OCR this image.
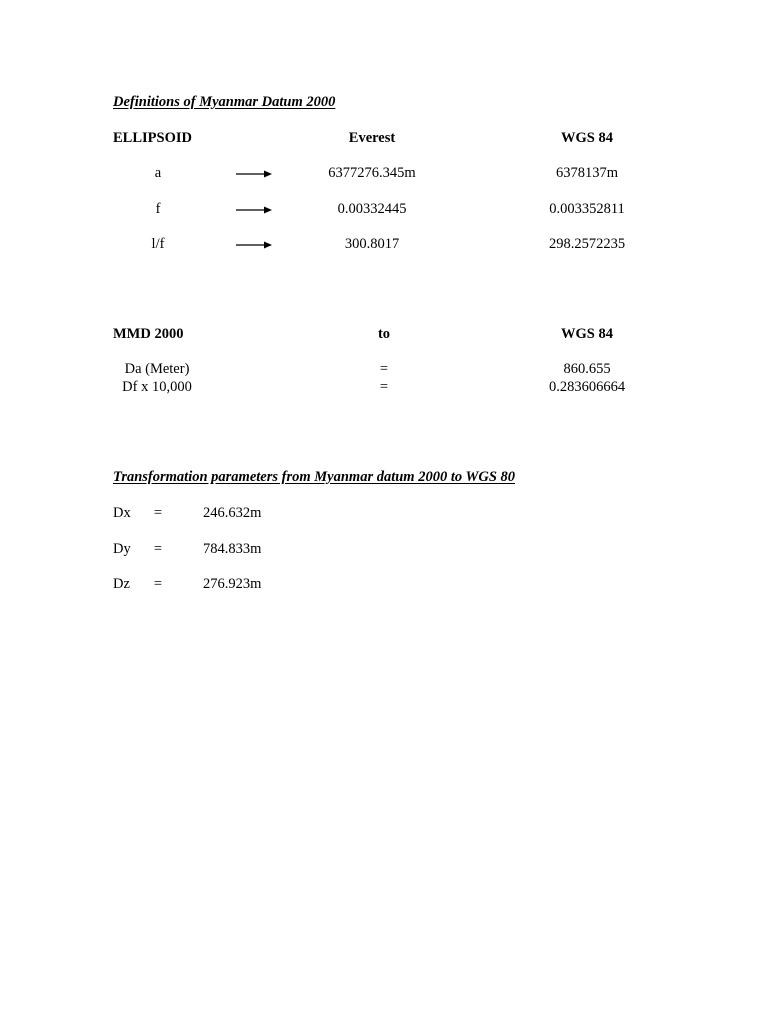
Definitions of Myanmar Datum 2000
ELLIPSOID	Everest	WGS 84
a	6377276.345m	6378137m
f	0.00332445	0.003352811
l/f	300.8017	298.2572235
MMD 2000	to	WGS 84
Da (Meter)	=	860.655
Df x 10,000	=	0.283606664
Transformation parameters from Myanmar datum 2000 to WGS 80
Dx =	246.632m
Dy =	784.833m
Dz =	276.923m
